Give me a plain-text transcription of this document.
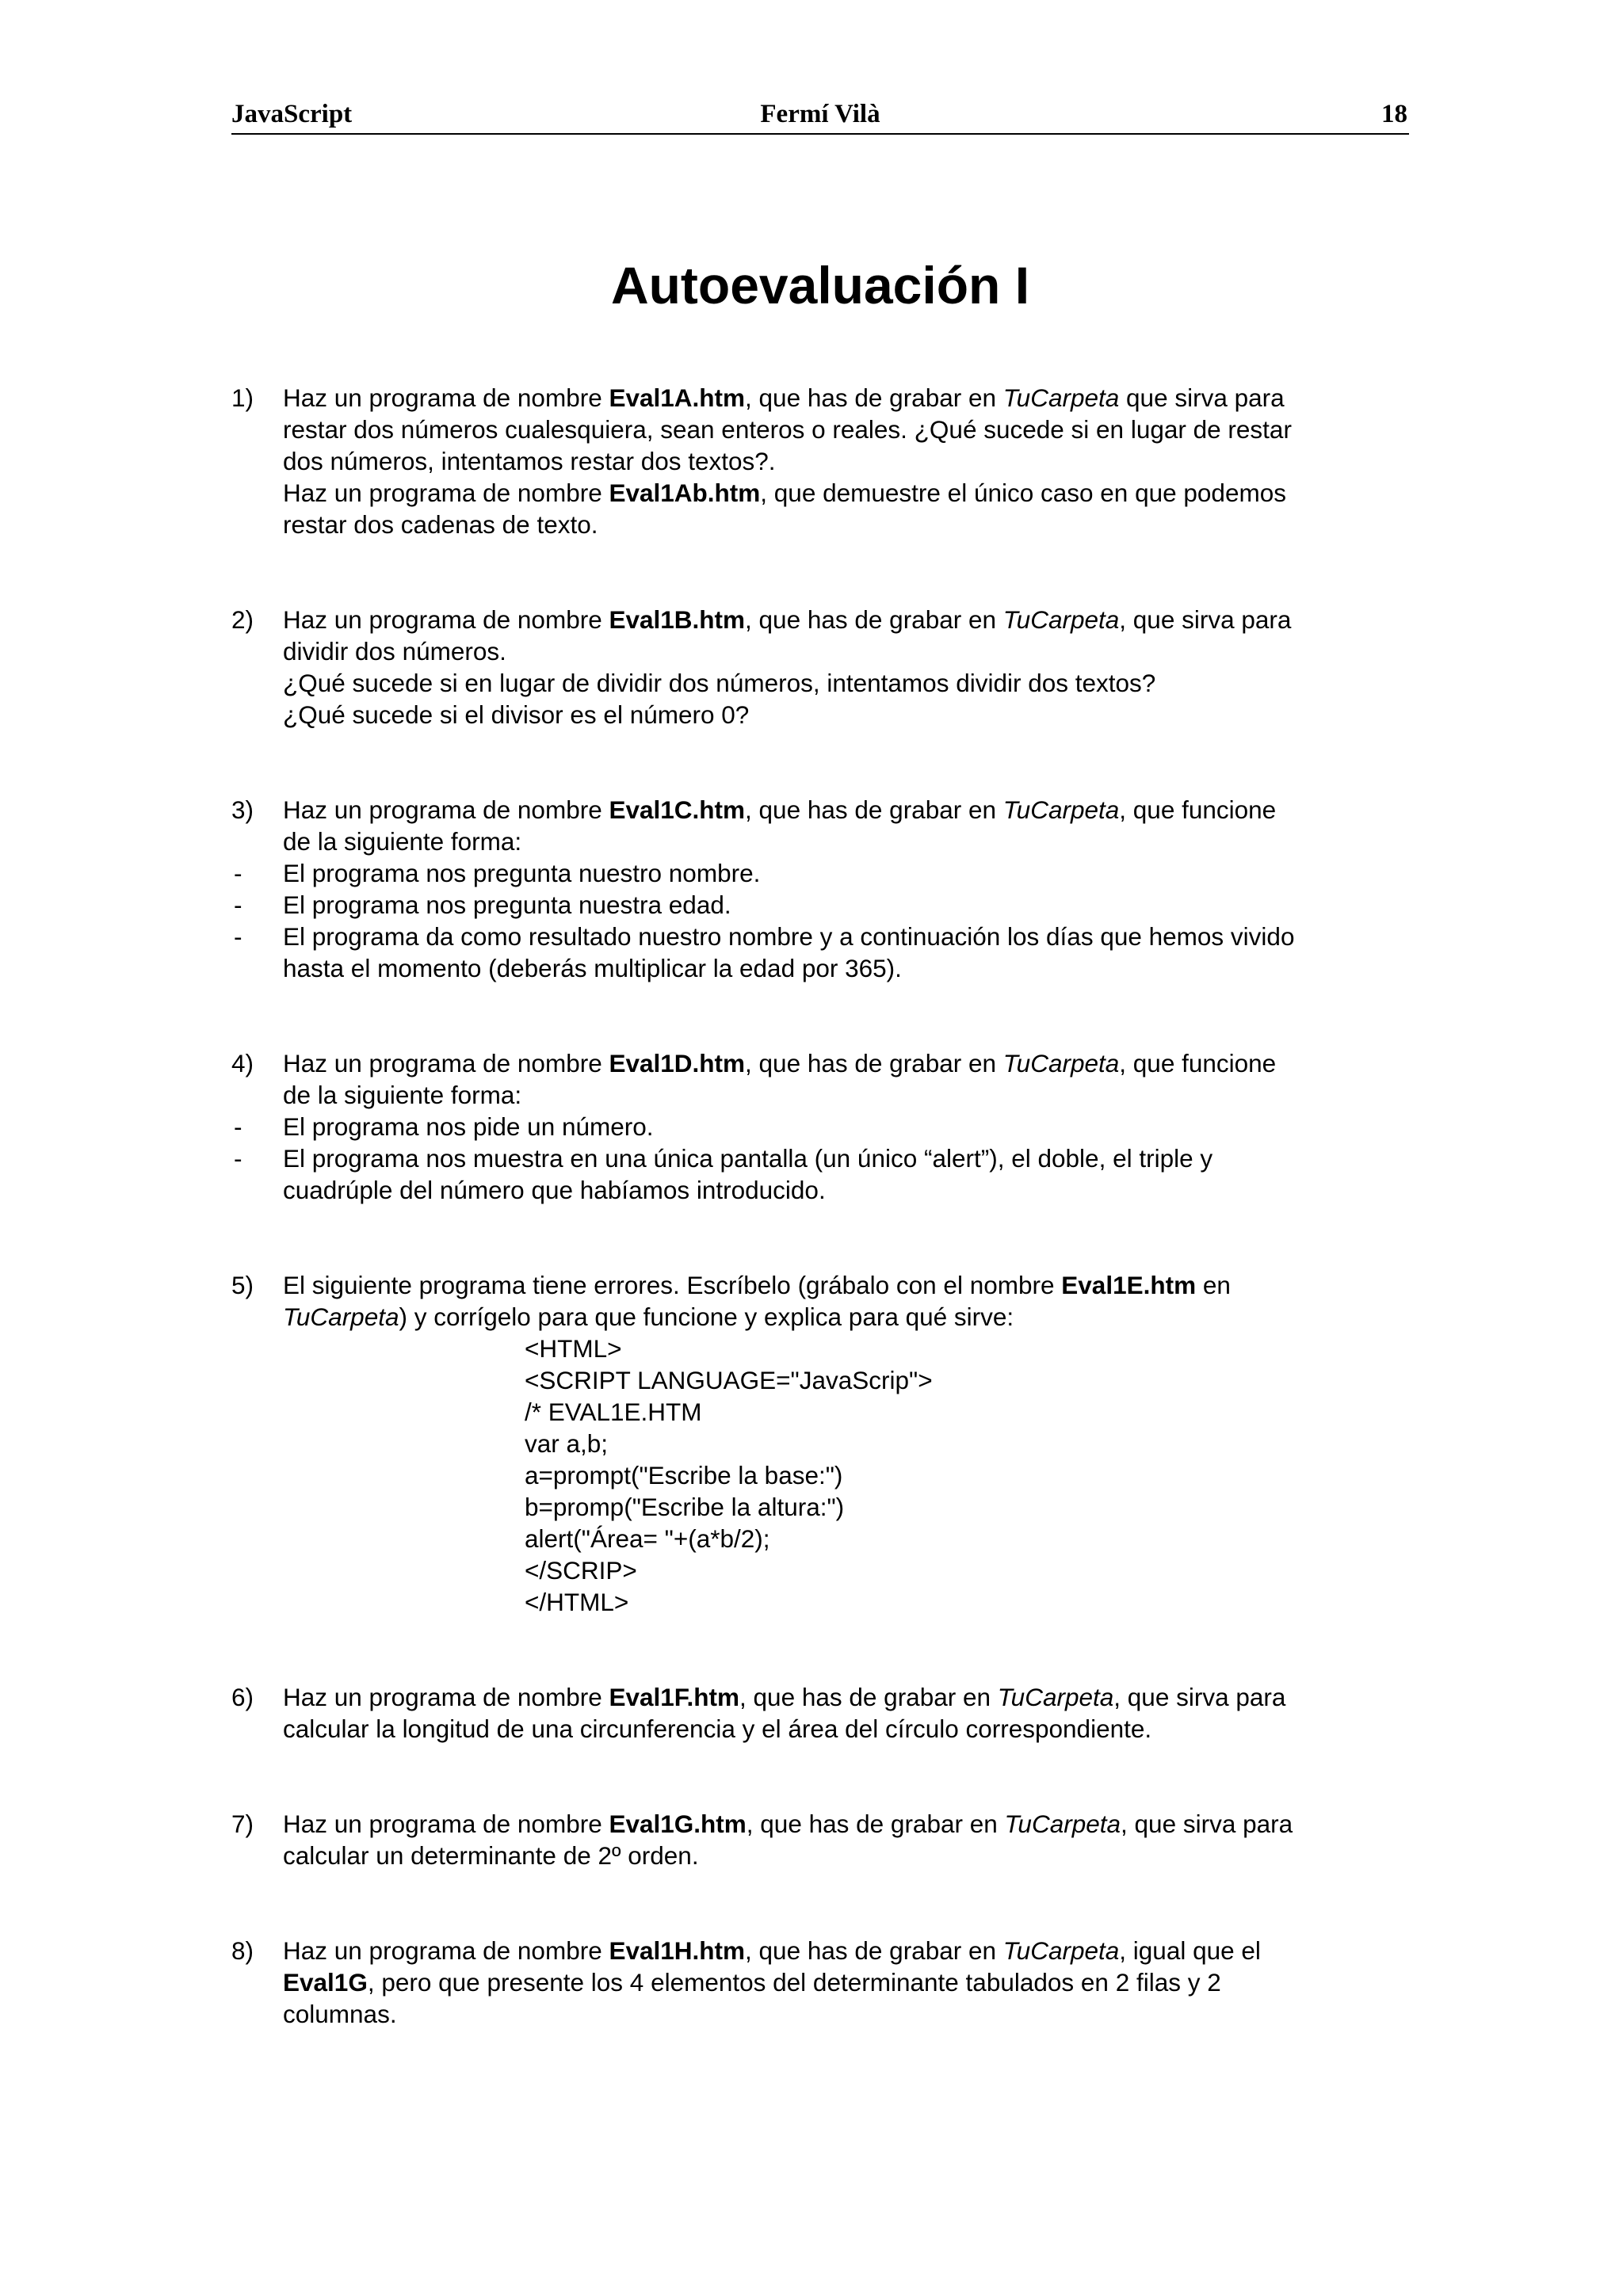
JavaScript	Fermí Vilà	18
Autoevaluación I
1) Haz un programa de nombre Eval1A.htm, que has de grabar en TuCarpeta que sirva para
restar dos números cualesquiera, sean enteros o reales. ¿Qué sucede si en lugar de restar
dos números, intentamos restar dos textos?.
Haz un programa de nombre Eval1Ab.htm, que demuestre el único caso en que podemos
restar dos cadenas de texto.
2) Haz un programa de nombre Eval1B.htm, que has de grabar en TuCarpeta, que sirva para
dividir dos números.
¿Qué sucede si en lugar de dividir dos números, intentamos dividir dos textos?
¿Qué sucede si el divisor es el número 0?
3) Haz un programa de nombre Eval1C.htm, que has de grabar en TuCarpeta, que funcione
de la siguiente forma:
- El programa nos pregunta nuestro nombre.
- El programa nos pregunta nuestra edad.
- El programa da como resultado nuestro nombre y a continuación los días que hemos vivido
hasta el momento (deberás multiplicar la edad por 365).
4) Haz un programa de nombre Eval1D.htm, que has de grabar en TuCarpeta, que funcione
de la siguiente forma:
- El programa nos pide un número.
- El programa nos muestra en una única pantalla (un único “alert”), el doble, el triple y
cuadrúple del número que habíamos introducido.
5) El siguiente programa tiene errores. Escríbelo (grábalo con el nombre Eval1E.htm en
TuCarpeta) y corrígelo para que funcione y explica para qué sirve:
<HTML>
<SCRIPT LANGUAGE="JavaScrip">
/* EVAL1E.HTM
var a,b;
a=prompt("Escribe la base:")
b=promp("Escribe la altura:")
alert("Área= "+(a*b/2);
</SCRIP>
</HTML>
6) Haz un programa de nombre Eval1F.htm, que has de grabar en TuCarpeta, que sirva para
calcular la longitud de una circunferencia y el área del círculo correspondiente.
7) Haz un programa de nombre Eval1G.htm, que has de grabar en TuCarpeta, que sirva para
calcular un determinante de 2º orden.
8) Haz un programa de nombre Eval1H.htm, que has de grabar en TuCarpeta, igual que el
Eval1G, pero que presente los 4 elementos del determinante tabulados en 2 filas y 2
columnas.
